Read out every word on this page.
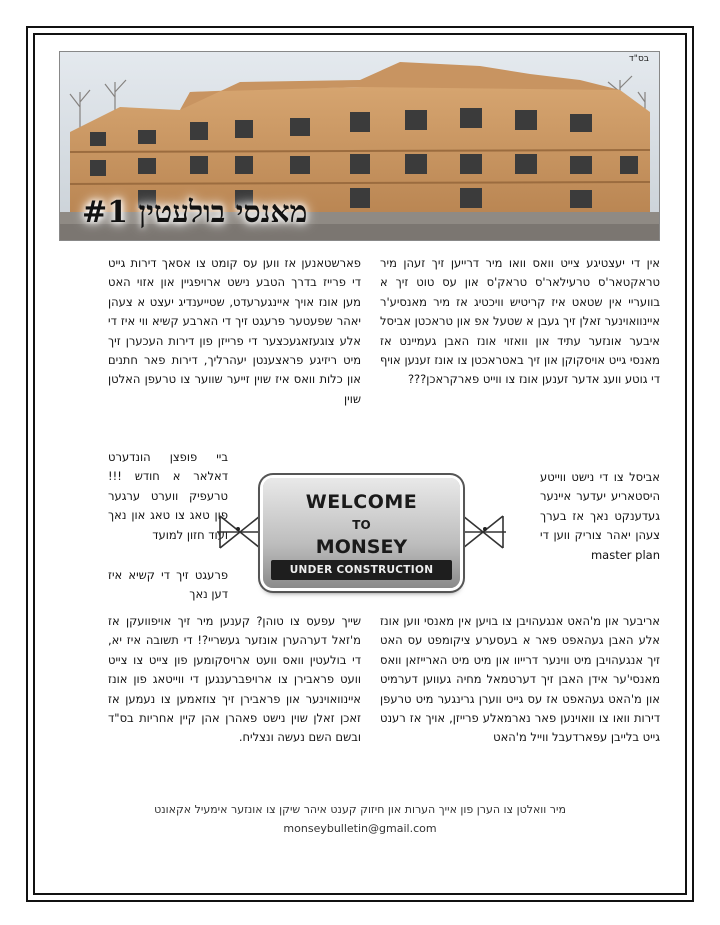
בס"ד
מאנסי בולעטין #1

אין די יעצטיגע צייט וואס וואו מיר דרייען זיך זעהן מיר טראקטאר'ס טרעילאר'ס טראק'ס און עס טוט זיך א בוועריי אין שטאט איז קריטיש וויכטיג אז מיר מאנסיע'ר איינוואוינער זאלן זיך געבן א שטעל אפ און טראכטן אביסל איבער אונזער עתיד און וואזוי אונז האבן געמיינט אז מאנסי גייט אויסקוקן און זיך באטראכטן צו אונז זענען אויף די גוטע וועג אדער זענען אונז צו ווייט פארקראכן???

אביסל צו די נישט ווייטע היסטאריע יעדער איינער געדענקט נאך אז בערך צעהן יאהר צוריק ווען די master plan

אריבער און מ'האט אנגעהויבן צו בויען אין מאנסי ווען אונז אלע האבן געהאפט פאר א בעסערע ציקומפט עס האט זיך אנגעהויבן מיט ווינער דרייוו און מיט מיט הארייזאן וואס מאנסי'ער אידן האבן זיך דערטמאל מחיה געווען דערמיט און מ'האט געהאפט אז עס גייט ווערן גרינגער מיט טרעפן דירות וואו צו וואוינען פאר נארמאלע פרייזן, אויך אז רענט גייט בלייבן עפארדעבל ווייל מ'האט

פארשטאנען אז ווען עס קומט צו אסאך דירות גייט די פרייז בדרך הטבע נישט ארויפגיין און אזוי האט מען אונז אויך איינגערעדט, שטייענדיג יעצט א צעהן יאהר שפעטער פרעגט זיך די הארבע קשיא ווי איז די אלע צוגעזאגעכצער די פרייזן פון דירות העכערן זיך מיט ריזיגע פראצענטן יעהרליך, דירות פאר חתנים און כלות וואס איז שוין זייער שווער צו טרעפן האלטן שוין

ביי פופצן הונדערט דאלאר א חודש !!! טרעפיק ווערט ערגער פון טאג צו טאג און נאך ועוד חזון למועד

פרעגט זיך די קשיא איז דען נאך

שייך עפעס צו טוהן? קענען מיר זיך אויפוועקן אז מ'זאל דערהערן אונזער געשריי?! די תשובה איז יא, די בולעטין וואס וועט ארויסקומען פון צייט צו צייט וועט פראבירן צו ארויפברענגען די ווייטאג פון אונז איינוואוינער און פראבירן זיך צוזאמען צו נעמען אז זאכן זאלן שוין נישט פאהרן אהן קיין אחריות בס"ד ובשם השם נעשה ונצליח.

WELCOME
TO
MONSEY
UNDER CONSTRUCTION
מיר וואלטן צו הערן פון אייך הערות און חיזוק קענט איהר שיקן צו אונזער אימעיל אקאונט
monseybulletin@gmail.com
